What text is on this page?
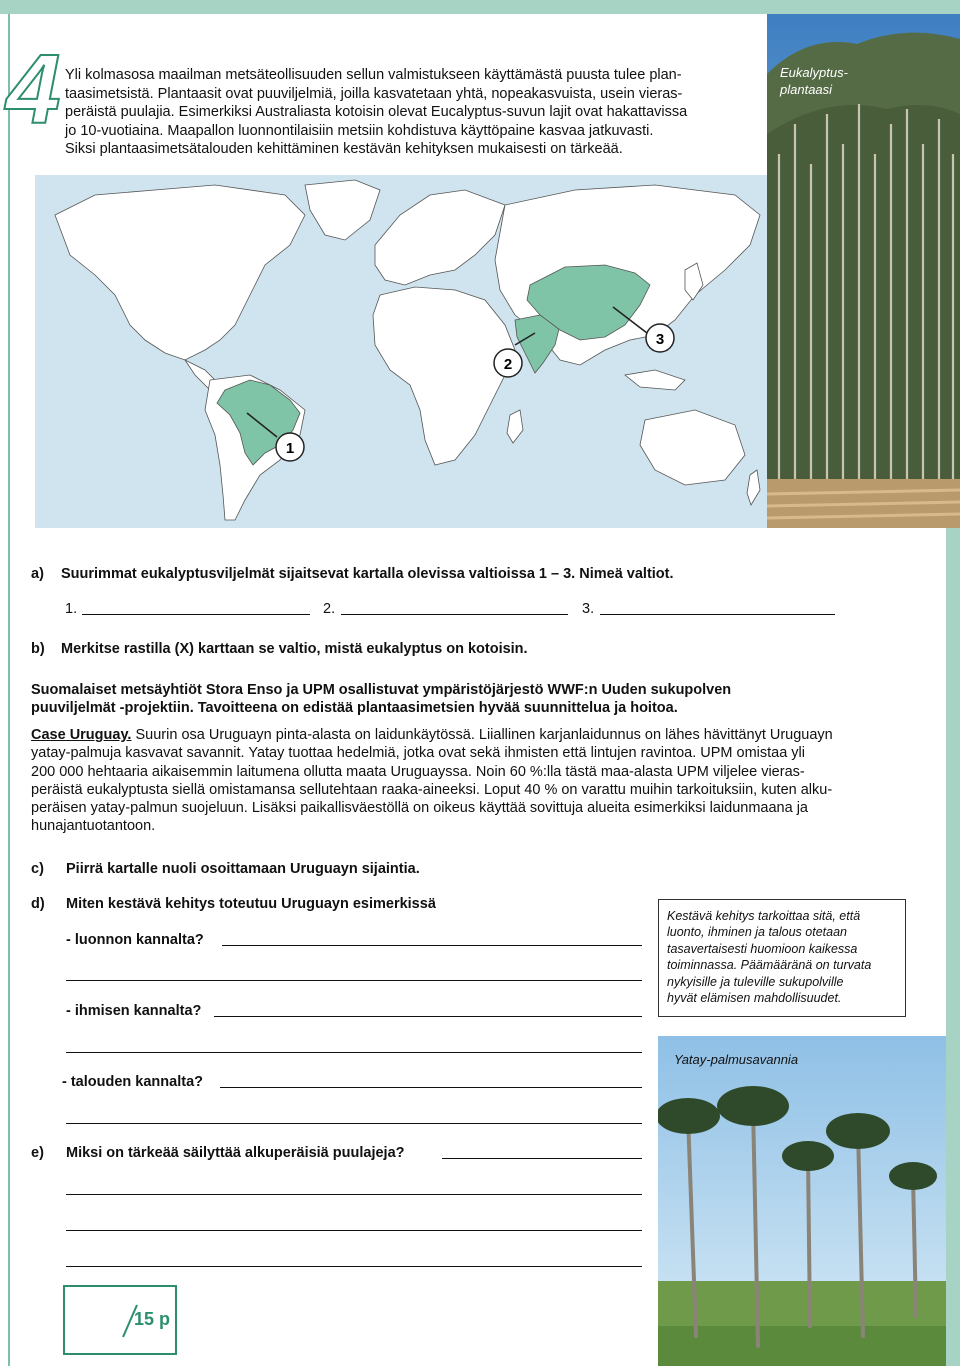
4 Yli kolmasosa maailman metsäteollisuuden sellun valmistukseen käyttämästä puusta tulee plan-
taasimetsistä. Plantaasit ovat puuviljelmiä, joilla kasvatetaan yhtä, nopeakasvuista, usein vieras-
peräistä puulajia. Esimerkiksi Australiasta kotoisin olevat Eucalyptus-suvun lajit ovat hakattavissa
jo 10-vuotiaina. Maapallon luonnontilaisiin metsiin kohdistuva käyttöpaine kasvaa jatkuvasti.
Siksi plantaasimetsätalouden kehittäminen kestävän kehityksen mukaisesti on tärkeää.
1
2
3
Eukalyptus-
plantaasi
a) Suurimmat eukalyptusviljelmät sijaitsevat kartalla olevissa valtioissa 1 – 3. Nimeä valtiot.
1.	2.	3.
b) Merkitse rastilla (X) karttaan se valtio, mistä eukalyptus on kotoisin.
Suomalaiset metsäyhtiöt Stora Enso ja UPM osallistuvat ympäristöjärjestö WWF:n Uuden sukupolven
puuviljelmät -projektiin. Tavoitteena on edistää plantaasimetsien hyvää suunnittelua ja hoitoa.
Case Uruguay. Suurin osa Uruguayn pinta-alasta on laidunkäytössä. Liiallinen karjanlaidunnus on lähes hävittänyt Uruguayn
yatay-palmuja kasvavat savannit. Yatay tuottaa hedelmiä, jotka ovat sekä ihmisten että lintujen ravintoa. UPM omistaa yli
200 000 hehtaaria aikaisemmin laitumena ollutta maata Uruguayssa. Noin 60 %:lla tästä maa-alasta UPM viljelee vieras-
peräistä eukalyptusta siellä omistamansa sellutehtaan raaka-aineeksi. Loput 40 % on varattu muihin tarkoituksiin, kuten alku-
peräisen yatay-palmun suojeluun. Lisäksi paikallisväestöllä on oikeus käyttää sovittuja alueita esimerkiksi laidunmaana ja
hunajantuotantoon.
c) Piirrä kartalle nuoli osoittamaan Uruguayn sijaintia.
d) Miten kestävä kehitys toteutuu Uruguayn esimerkissä
- luonnon kannalta?
- ihmisen kannalta?
- talouden kannalta?
e) Miksi on tärkeää säilyttää alkuperäisiä puulajeja?
Kestävä kehitys tarkoittaa sitä, että
luonto, ihminen ja talous otetaan
tasavertaisesti huomioon kaikessa
toiminnassa. Päämääränä on turvata
nykyisille ja tuleville sukupolville
hyvät elämisen mahdollisuudet.
Yatay-palmusavannia
15 p
